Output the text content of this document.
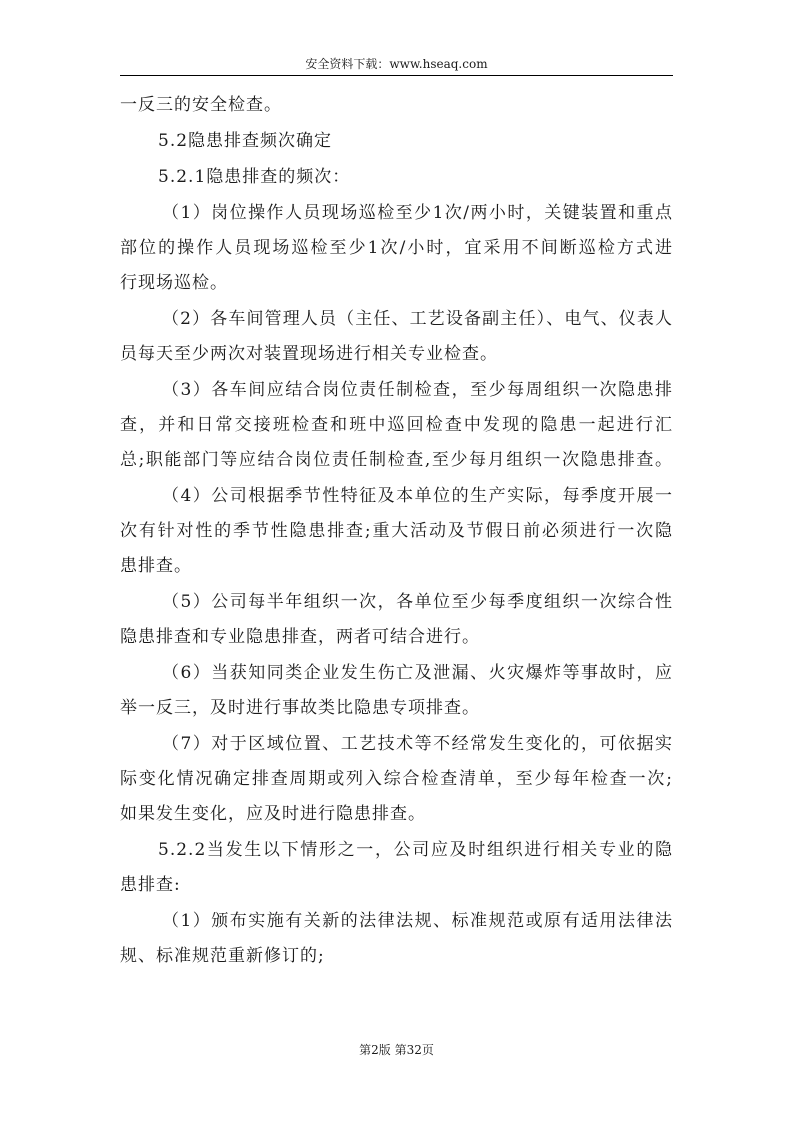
安全资料下载：www.hseaq.com
一反三的安全检查。
5.2隐患排查频次确定
5.2.1隐患排查的频次：
（1）岗位操作人员现场巡检至少1次/两小时，关键装置和重点
部位的操作人员现场巡检至少1次/小时，宜采用不间断巡检方式进
行现场巡检。
（2）各车间管理人员（主任、工艺设备副主任）、电气、仪表人
员每天至少两次对装置现场进行相关专业检查。
（3）各车间应结合岗位责任制检查，至少每周组织一次隐患排
查，并和日常交接班检查和班中巡回检查中发现的隐患一起进行汇
总;职能部门等应结合岗位责任制检查,至少每月组织一次隐患排查。
（4）公司根据季节性特征及本单位的生产实际，每季度开展一
次有针对性的季节性隐患排查;重大活动及节假日前必须进行一次隐
患排查。
（5）公司每半年组织一次，各单位至少每季度组织一次综合性
隐患排查和专业隐患排查，两者可结合进行。
（6）当获知同类企业发生伤亡及泄漏、火灾爆炸等事故时，应
举一反三，及时进行事故类比隐患专项排查。
（7）对于区域位置、工艺技术等不经常发生变化的，可依据实
际变化情况确定排查周期或列入综合检查清单，至少每年检查一次;
如果发生变化，应及时进行隐患排查。
5.2.2当发生以下情形之一，公司应及时组织进行相关专业的隐
患排查:
（1）颁布实施有关新的法律法规、标准规范或原有适用法律法
规、标准规范重新修订的;
第2版 第32页
